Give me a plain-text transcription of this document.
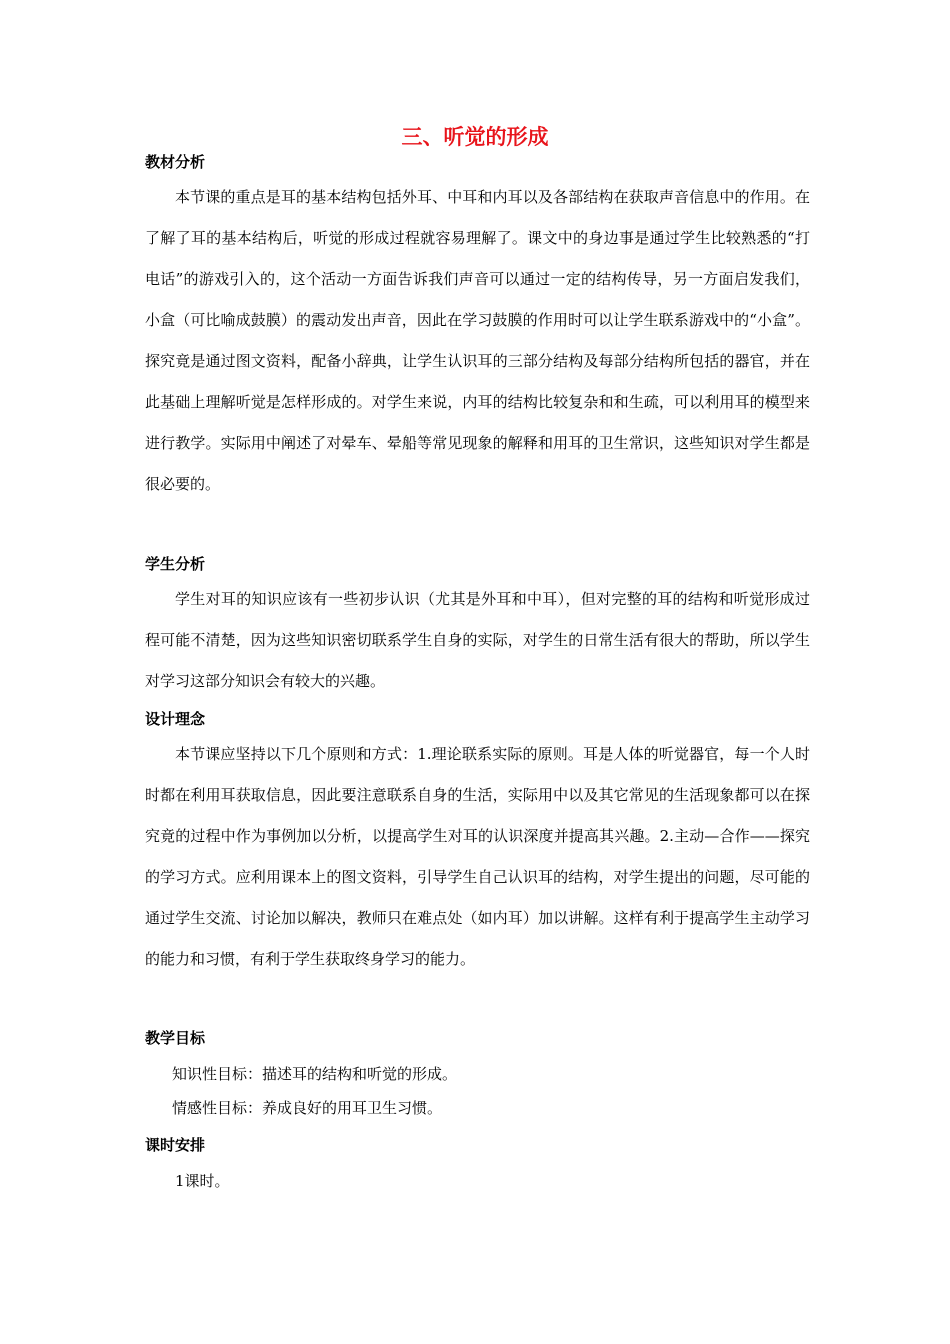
三、听觉的形成
教材分析

本节课的重点是耳的基本结构包括外耳、中耳和内耳以及各部结构在获取声音信息中的作用。在了解了耳的基本结构后，听觉的形成过程就容易理解了。课文中的身边事是通过学生比较熟悉的“打电话”的游戏引入的，这个活动一方面告诉我们声音可以通过一定的结构传导，另一方面启发我们，小盒（可比喻成鼓膜）的震动发出声音，因此在学习鼓膜的作用时可以让学生联系游戏中的“小盒”。探究竟是通过图文资料，配备小辞典，让学生认识耳的三部分结构及每部分结构所包括的器官，并在此基础上理解听觉是怎样形成的。对学生来说，内耳的结构比较复杂和和生疏，可以利用耳的模型来进行教学。实际用中阐述了对晕车、晕船等常见现象的解释和用耳的卫生常识，这些知识对学生都是很必要的。

学生分析

学生对耳的知识应该有一些初步认识（尤其是外耳和中耳），但对完整的耳的结构和听觉形成过程可能不清楚，因为这些知识密切联系学生自身的实际，对学生的日常生活有很大的帮助，所以学生对学习这部分知识会有较大的兴趣。

设计理念

本节课应坚持以下几个原则和方式：1.理论联系实际的原则。耳是人体的听觉器官，每一个人时时都在利用耳获取信息，因此要注意联系自身的生活，实际用中以及其它常见的生活现象都可以在探究竟的过程中作为事例加以分析，以提高学生对耳的认识深度并提高其兴趣。2.主动—合作——探究的学习方式。应利用课本上的图文资料，引导学生自己认识耳的结构，对学生提出的问题，尽可能的通过学生交流、讨论加以解决，教师只在难点处（如内耳）加以讲解。这样有利于提高学生主动学习的能力和习惯，有利于学生获取终身学习的能力。

教学目标

知识性目标：描述耳的结构和听觉的形成。

情感性目标：养成良好的用耳卫生习惯。

课时安排

1课时。
